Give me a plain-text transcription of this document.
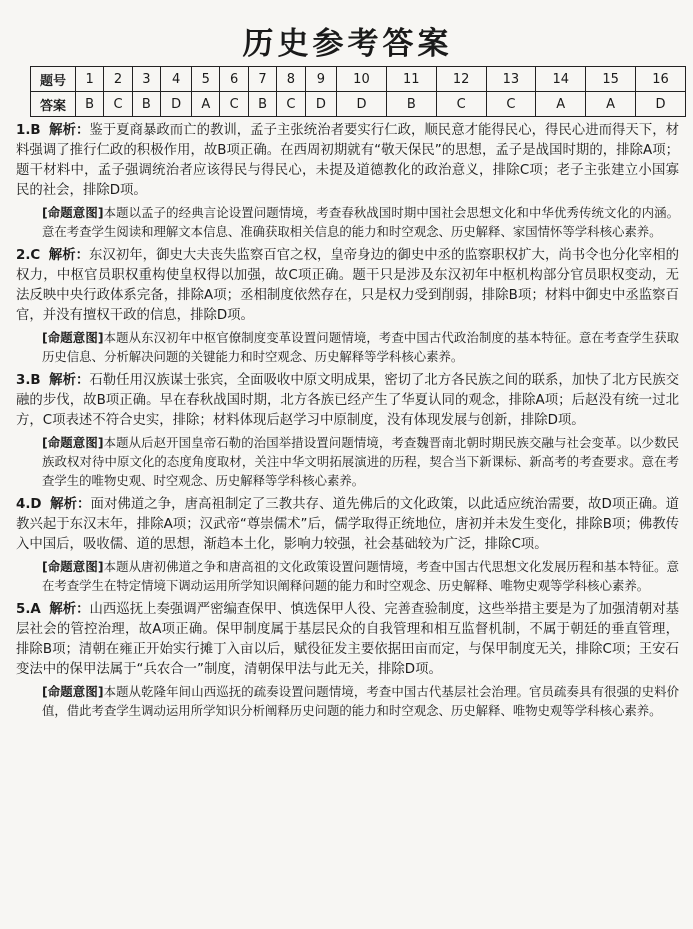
历史参考答案
题号	1	2	3	4	5	6	7	8	9	10	11	12	13	14	15	16
答案	B	C	B	D	A	C	B	C	D	D	B	C	C	A	A	D
1.B 解析：鉴于夏商暴政而亡的教训，孟子主张统治者要实行仁政，顺民意才能得民心，得民心进而得天下，材料强调了推行仁政的积极作用，故B项正确。在西周初期就有“敬天保民”的思想，孟子是战国时期的，排除A项；题干材料中，孟子强调统治者应该得民与得民心，未提及道德教化的政治意义，排除C项；老子主张建立小国寡民的社会，排除D项。
[命题意图]本题以孟子的经典言论设置问题情境，考查春秋战国时期中国社会思想文化和中华优秀传统文化的内涵。意在考查学生阅读和理解文本信息、准确获取相关信息的能力和时空观念、历史解释、家国情怀等学科核心素养。
2.C 解析：东汉初年，御史大夫丧失监察百官之权，皇帝身边的御史中丞的监察职权扩大，尚书令也分化宰相的权力，中枢官员职权重构使皇权得以加强，故C项正确。题干只是涉及东汉初年中枢机构部分官员职权变动，无法反映中央行政体系完备，排除A项；丞相制度依然存在，只是权力受到削弱，排除B项；材料中御史中丞监察百官，并没有擅权干政的信息，排除D项。
[命题意图]本题从东汉初年中枢官僚制度变革设置问题情境，考查中国古代政治制度的基本特征。意在考查学生获取历史信息、分析解决问题的关键能力和时空观念、历史解释等学科核心素养。
3.B 解析：石勒任用汉族谋士张宾，全面吸收中原文明成果，密切了北方各民族之间的联系，加快了北方民族交融的步伐，故B项正确。早在春秋战国时期，北方各族已经产生了华夏认同的观念，排除A项；后赵没有统一过北方，C项表述不符合史实，排除；材料体现后赵学习中原制度，没有体现发展与创新，排除D项。
[命题意图]本题从后赵开国皇帝石勒的治国举措设置问题情境，考查魏晋南北朝时期民族交融与社会变革。以少数民族政权对待中原文化的态度角度取材，关注中华文明拓展演进的历程，契合当下新课标、新高考的考查要求。意在考查学生的唯物史观、时空观念、历史解释等学科核心素养。
4.D 解析：面对佛道之争，唐高祖制定了三教共存、道先佛后的文化政策，以此适应统治需要，故D项正确。道教兴起于东汉末年，排除A项；汉武帝“尊崇儒术”后，儒学取得正统地位，唐初并未发生变化，排除B项；佛教传入中国后，吸收儒、道的思想，渐趋本土化，影响力较强，社会基础较为广泛，排除C项。
[命题意图]本题从唐初佛道之争和唐高祖的文化政策设置问题情境，考查中国古代思想文化发展历程和基本特征。意在考查学生在特定情境下调动运用所学知识阐释问题的能力和时空观念、历史解释、唯物史观等学科核心素养。
5.A 解析：山西巡抚上奏强调严密编查保甲、慎选保甲人役、完善查验制度，这些举措主要是为了加强清朝对基层社会的管控治理，故A项正确。保甲制度属于基层民众的自我管理和相互监督机制，不属于朝廷的垂直管理，排除B项；清朝在雍正开始实行摊丁入亩以后，赋役征发主要依据田亩而定，与保甲制度无关，排除C项；王安石变法中的保甲法属于“兵农合一”制度，清朝保甲法与此无关，排除D项。
[命题意图]本题从乾隆年间山西巡抚的疏奏设置问题情境，考查中国古代基层社会治理。官员疏奏具有很强的史料价值，借此考查学生调动运用所学知识分析阐释历史问题的能力和时空观念、历史解释、唯物史观等学科核心素养。
